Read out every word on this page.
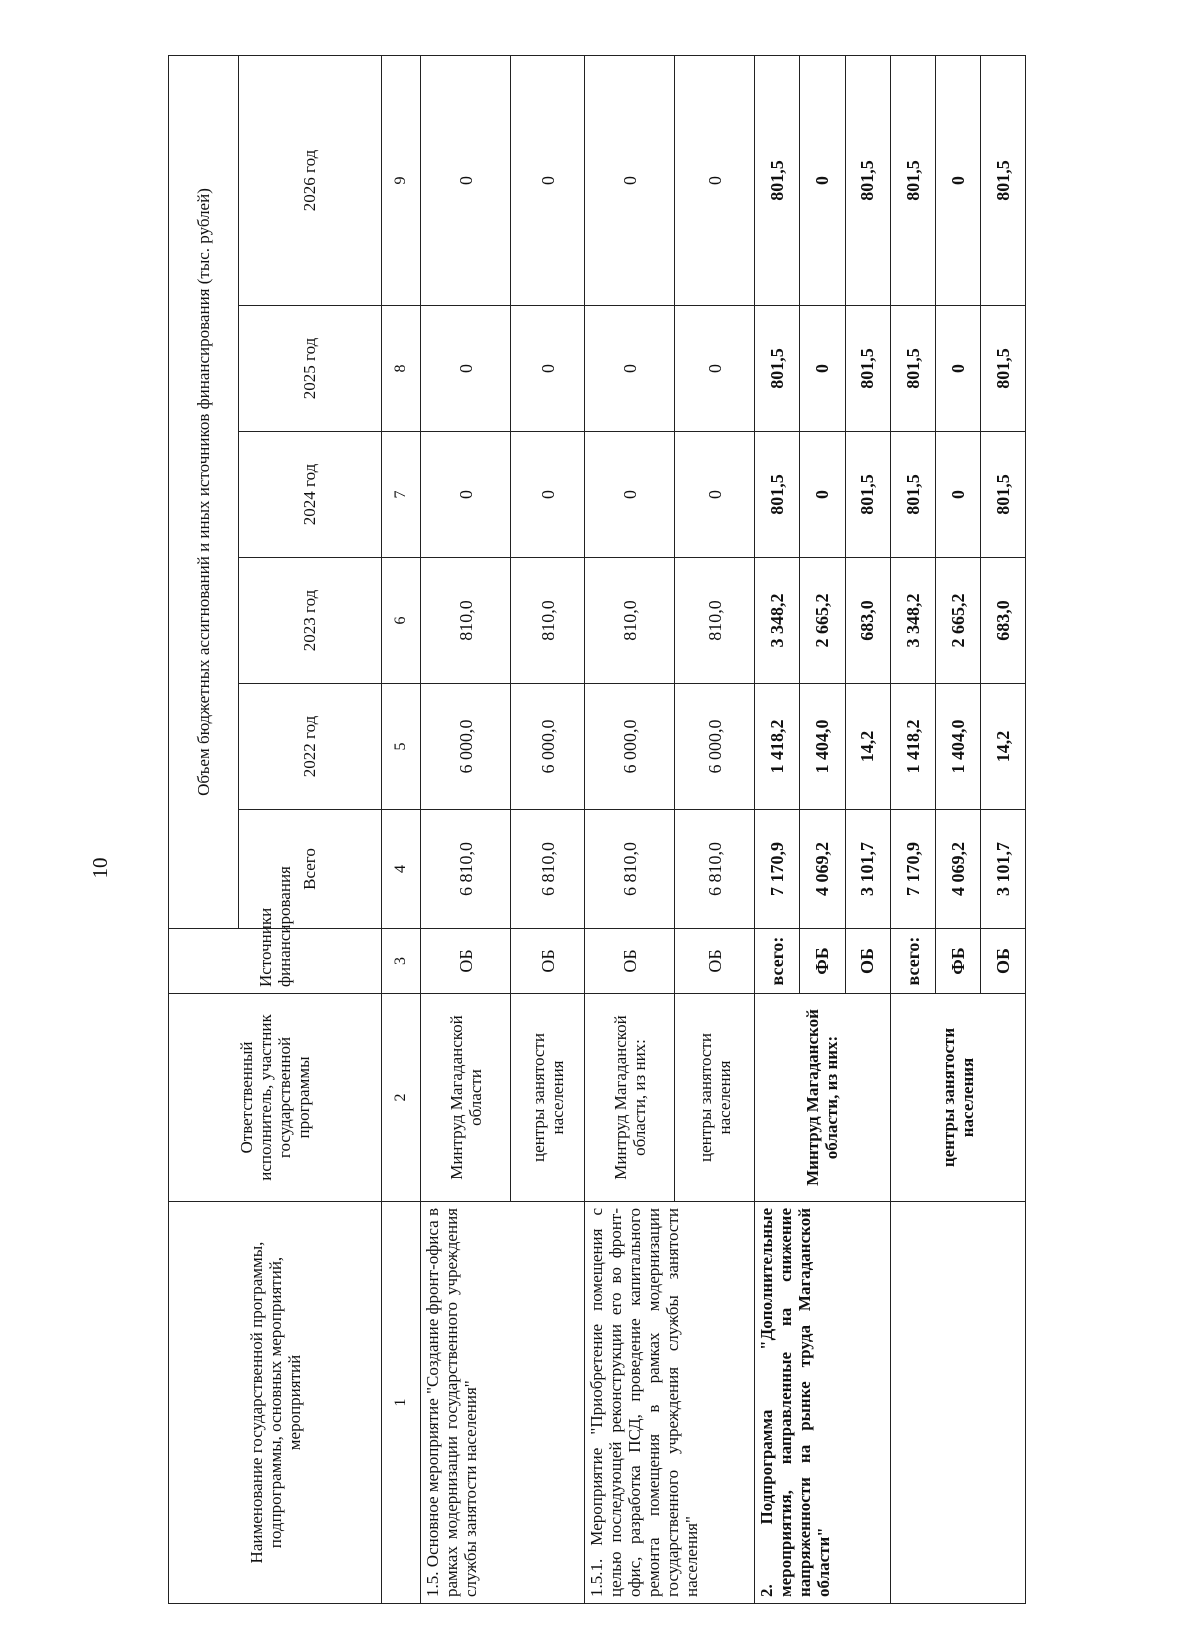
10
Наименование государственной программы, подпрограммы, основных мероприятий, мероприятий	Ответственный исполнитель, участник государственной программы	Источники финансирования	Объем бюджетных ассигнований и иных источников финансирования (тыс. рублей)					
			Всего	2022 год	2023 год	2024 год	2025 год	2026 год
1	2	3	4	5	6	7	8	9
1.5. Основное мероприятие "Создание фронт-офиса в рамках модернизации государственного учреждения службы занятости населения"	Минтруд Магаданской области	ОБ	6 810,0	6 000,0	810,0	0	0	0
	центры занятости населения	ОБ	6 810,0	6 000,0	810,0	0	0	0
1.5.1. Мероприятие "Приобретение помещения с целью последующей реконструкции его во фронт-офис, разработка ПСД, проведение капитального ремонта помещения в рамках модернизации государственного учреждения службы занятости населения"	Минтруд Магаданской области, из них:	ОБ	6 810,0	6 000,0	810,0	0	0	0
	центры занятости населения	ОБ	6 810,0	6 000,0	810,0	0	0	0
2. Подпрограмма "Дополнительные мероприятия, направленные на снижение напряженности на рынке труда Магаданской области"	Минтруд Магаданской области, из них:	всего:	7 170,9	1 418,2	3 348,2	801,5	801,5	801,5
		ФБ	4 069,2	1 404,0	2 665,2	0	0	0
		ОБ	3 101,7	14,2	683,0	801,5	801,5	801,5
	центры занятости населения	всего:	7 170,9	1 418,2	3 348,2	801,5	801,5	801,5
		ФБ	4 069,2	1 404,0	2 665,2	0	0	0
		ОБ	3 101,7	14,2	683,0	801,5	801,5	801,5
